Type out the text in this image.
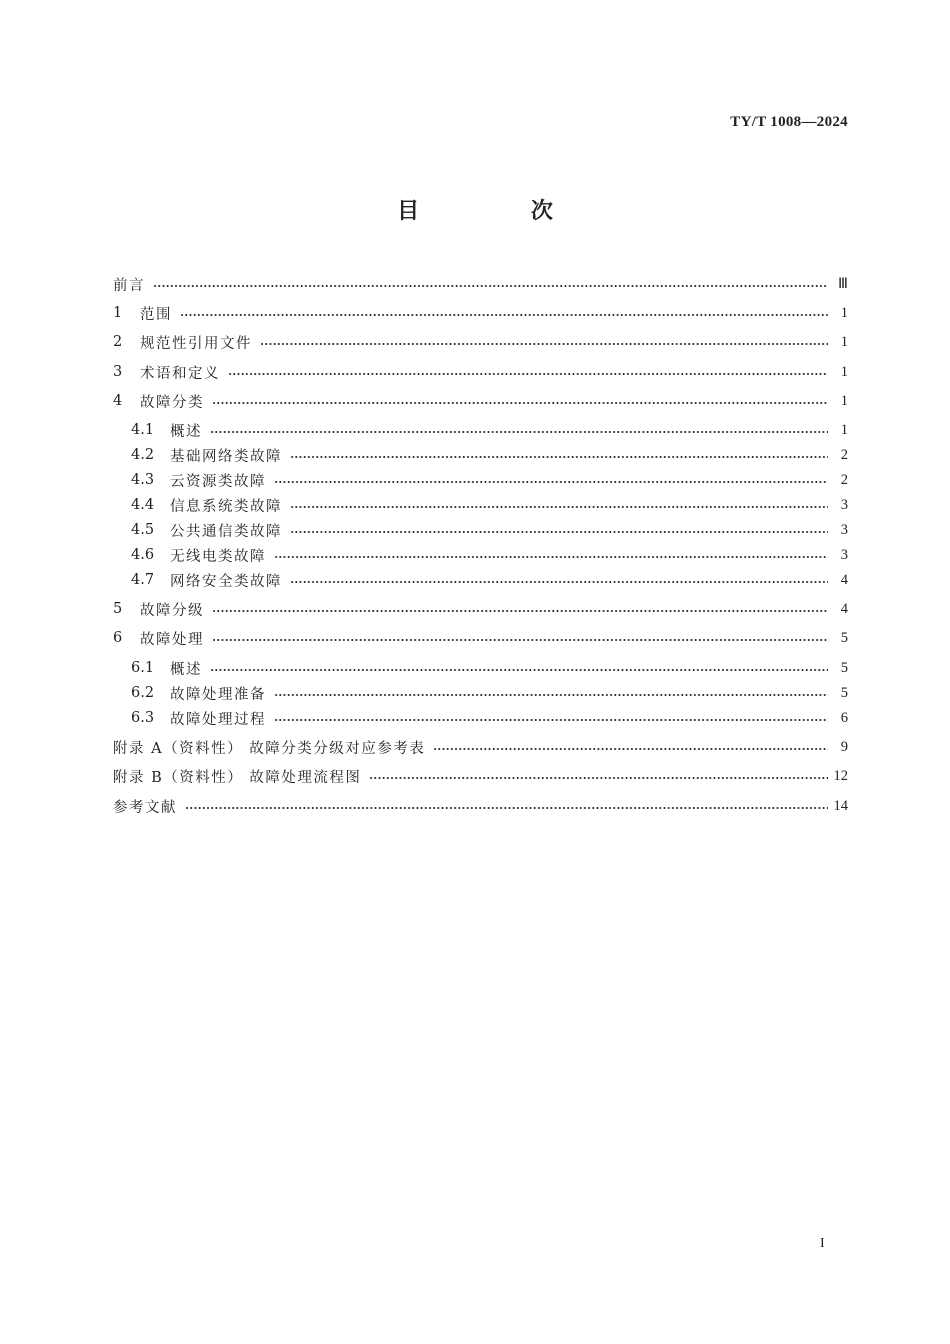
TY/T 1008—2024
目 次
前言	Ⅲ
1	范围	1
2	规范性引用文件	1
3	术语和定义	1
4	故障分类	1
4.1	概述	1
4.2	基础网络类故障	2
4.3	云资源类故障	2
4.4	信息系统类故障	3
4.5	公共通信类故障	3
4.6	无线电类故障	3
4.7	网络安全类故障	4
5	故障分级	4
6	故障处理	5
6.1	概述	5
6.2	故障处理准备	5
6.3	故障处理过程	6
附录 A（资料性） 故障分类分级对应参考表	9
附录 B（资料性） 故障处理流程图	12
参考文献	14
I
